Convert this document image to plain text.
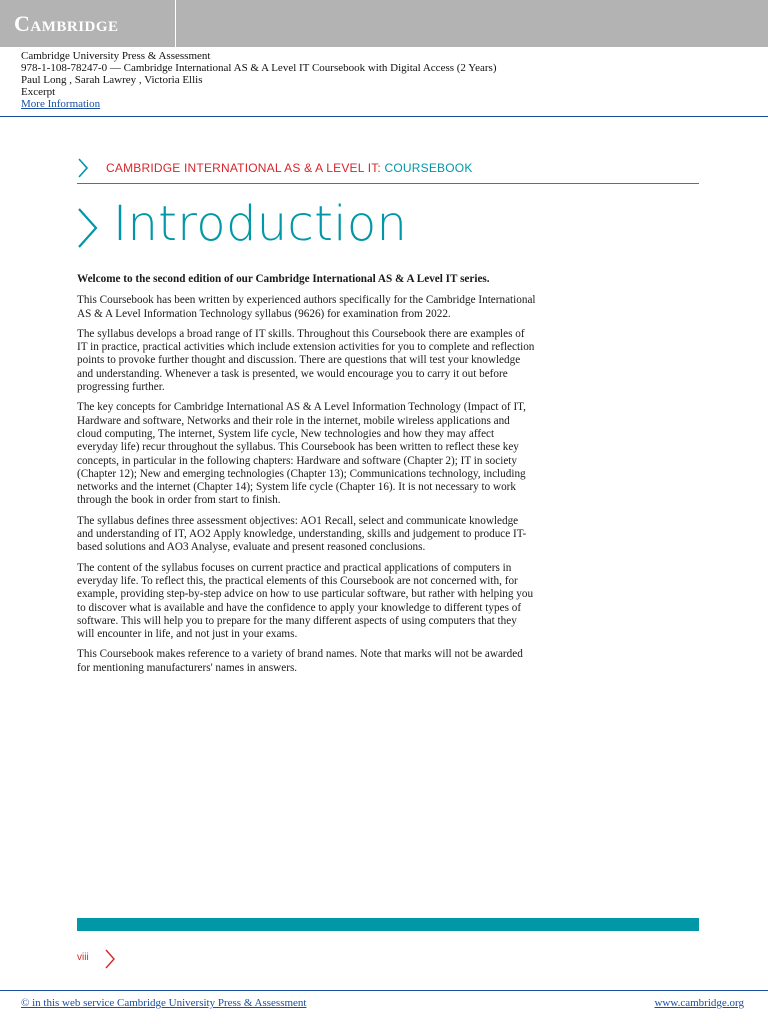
Cambridge
Cambridge University Press & Assessment
978-1-108-78247-0 — Cambridge International AS & A Level IT Coursebook with Digital Access (2 Years)
Paul Long , Sarah Lawrey , Victoria Ellis
Excerpt
More Information
CAMBRIDGE INTERNATIONAL AS & A LEVEL IT: COURSEBOOK
Introduction

Welcome to the second edition of our Cambridge International AS & A Level IT series.

This Coursebook has been written by experienced authors specifically for the Cambridge International AS & A Level Information Technology syllabus (9626) for examination from 2022.

The syllabus develops a broad range of IT skills. Throughout this Coursebook there are examples of IT in practice, practical activities which include extension activities for you to complete and reflection points to provoke further thought and discussion. There are questions that will test your knowledge and understanding. Whenever a task is presented, we would encourage you to carry it out before progressing further.

The key concepts for Cambridge International AS & A Level Information Technology (Impact of IT, Hardware and software, Networks and their role in the internet, mobile wireless applications and cloud computing, The internet, System life cycle, New technologies and how they may affect everyday life) recur throughout the syllabus. This Coursebook has been written to reflect these key concepts, in particular in the following chapters: Hardware and software (Chapter 2); IT in society (Chapter 12); New and emerging technologies (Chapter 13); Communications technology, including networks and the internet (Chapter 14); System life cycle (Chapter 16). It is not necessary to work through the book in order from start to finish.

The syllabus defines three assessment objectives: AO1 Recall, select and communicate knowledge and understanding of IT, AO2 Apply knowledge, understanding, skills and judgement to produce IT-based solutions and AO3 Analyse, evaluate and present reasoned conclusions.

The content of the syllabus focuses on current practice and practical applications of computers in everyday life. To reflect this, the practical elements of this Coursebook are not concerned with, for example, providing step-by-step advice on how to use particular software, but rather with helping you to discover what is available and have the confidence to apply your knowledge to different types of software. This will help you to prepare for the many different aspects of using computers that they will encounter in life, and not just in your exams.

This Coursebook makes reference to a variety of brand names. Note that marks will not be awarded for mentioning manufacturers' names in answers.

viii
© in this web service Cambridge University Press & Assessment	www.cambridge.org
